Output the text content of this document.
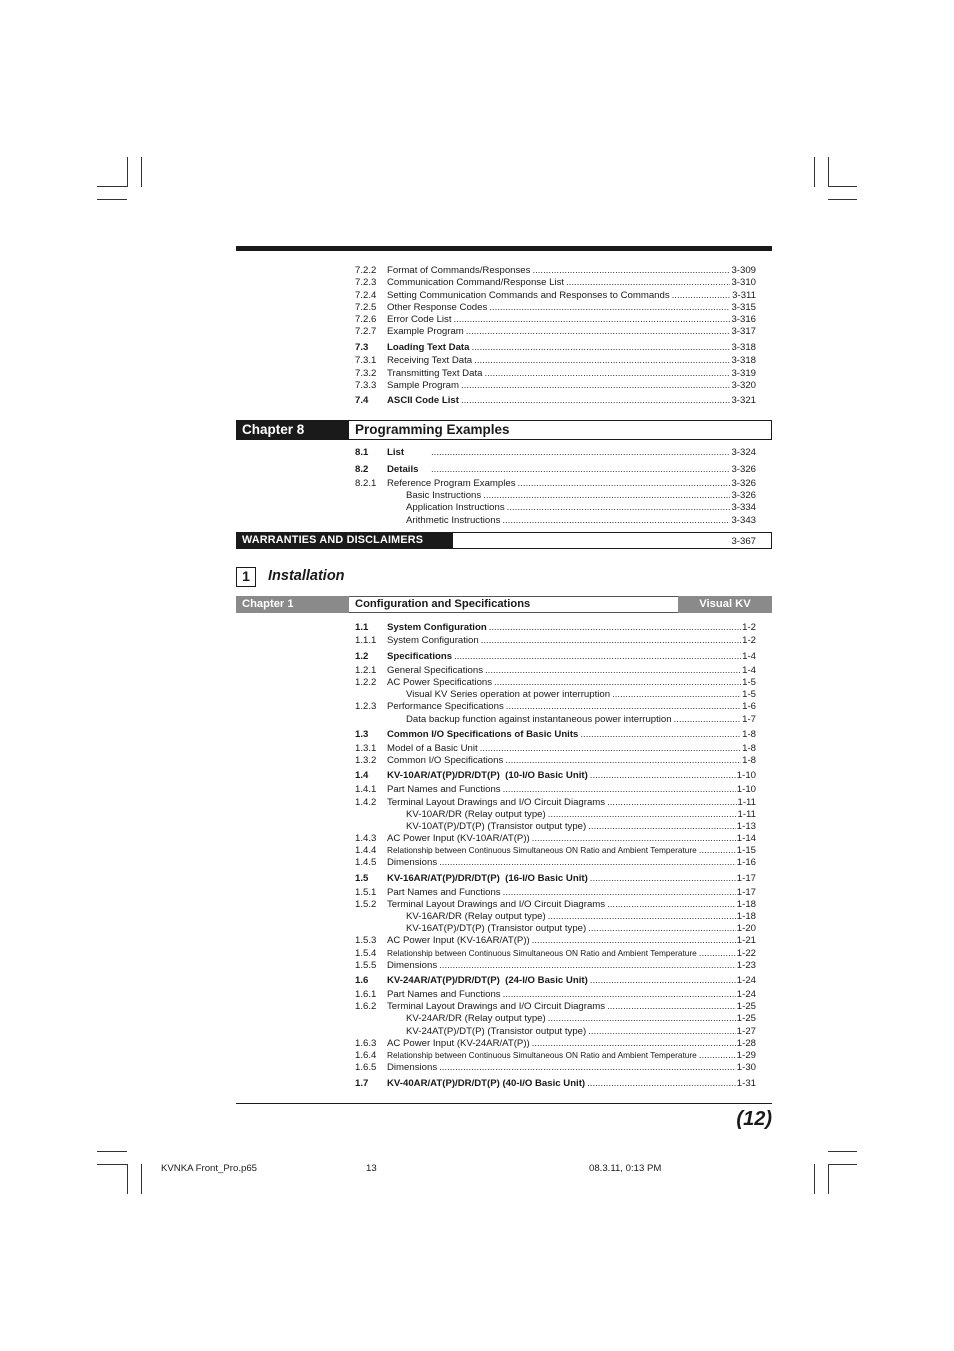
7.2.2 Format of Commands/Responses .....	3-309
7.2.3 Communication Command/Response List .....	3-310
7.2.4 Setting Communication Commands and Responses to Commands .....	3-311
7.2.5 Other Response Codes .....	3-315
7.2.6 Error Code List .....	3-316
7.2.7 Example Program .....	3-317
7.3 Loading Text Data .....	3-318
7.3.1 Receiving Text Data .....	3-318
7.3.2 Transmitting Text Data .....	3-319
7.3.3 Sample Program .....	3-320
7.4 ASCII Code List .....	3-321
Chapter 8	Programming Examples
8.1 List .....	3-324
8.2 Details .....	3-326
8.2.1 Reference Program Examples .....	3-326
Basic Instructions .....	3-326
Application Instructions .....	3-334
Arithmetic Instructions .....	3-343
WARRANTIES AND DISCLAIMERS	3-367
1	Installation
Chapter 1	Configuration and Specifications	Visual KV
1.1 System Configuration .....	1-2
1.1.1 System Configuration .....	1-2
1.2 Specifications .....	1-4
1.2.1 General Specifications .....	1-4
1.2.2 AC Power Specifications .....	1-5
Visual KV Series operation at power interruption .....	1-5
1.2.3 Performance Specifications .....	1-6
Data backup function against instantaneous power interruption .....	1-7
1.3 Common I/O Specifications of Basic Units .....	1-8
1.3.1 Model of a Basic Unit .....	1-8
1.3.2 Common I/O Specifications .....	1-8
1.4 KV-10AR/AT(P)/DR/DT(P)  (10-I/O Basic Unit) .....	1-10
1.4.1 Part Names and Functions .....	1-10
1.4.2 Terminal Layout Drawings and I/O Circuit Diagrams .....	1-11
KV-10AR/DR (Relay output type) .....	1-11
KV-10AT(P)/DT(P) (Transistor output type) .....	1-13
1.4.3 AC Power Input (KV-10AR/AT(P)) .....	1-14
1.4.4 Relationship between Continuous Simultaneous ON Ratio and Ambient Temperature .....	1-15
1.4.5 Dimensions .....	1-16
1.5 KV-16AR/AT(P)/DR/DT(P)  (16-I/O Basic Unit) .....	1-17
1.5.1 Part Names and Functions .....	1-17
1.5.2 Terminal Layout Drawings and I/O Circuit Diagrams .....	1-18
KV-16AR/DR (Relay output type) .....	1-18
KV-16AT(P)/DT(P) (Transistor output type) .....	1-20
1.5.3 AC Power Input (KV-16AR/AT(P)) .....	1-21
1.5.4 Relationship between Continuous Simultaneous ON Ratio and Ambient Temperature .....	1-22
1.5.5 Dimensions .....	1-23
1.6 KV-24AR/AT(P)/DR/DT(P)  (24-I/O Basic Unit) .....	1-24
1.6.1 Part Names and Functions .....	1-24
1.6.2 Terminal Layout Drawings and I/O Circuit Diagrams .....	1-25
KV-24AR/DR (Relay output type) .....	1-25
KV-24AT(P)/DT(P) (Transistor output type) .....	1-27
1.6.3 AC Power Input (KV-24AR/AT(P)) .....	1-28
1.6.4 Relationship between Continuous Simultaneous ON Ratio and Ambient Temperature .....	1-29
1.6.5 Dimensions .....	1-30
1.7 KV-40AR/AT(P)/DR/DT(P) (40-I/O Basic Unit) .....	1-31
(12)
KVNKA Front_Pro.p65	13	08.3.11, 0:13 PM
